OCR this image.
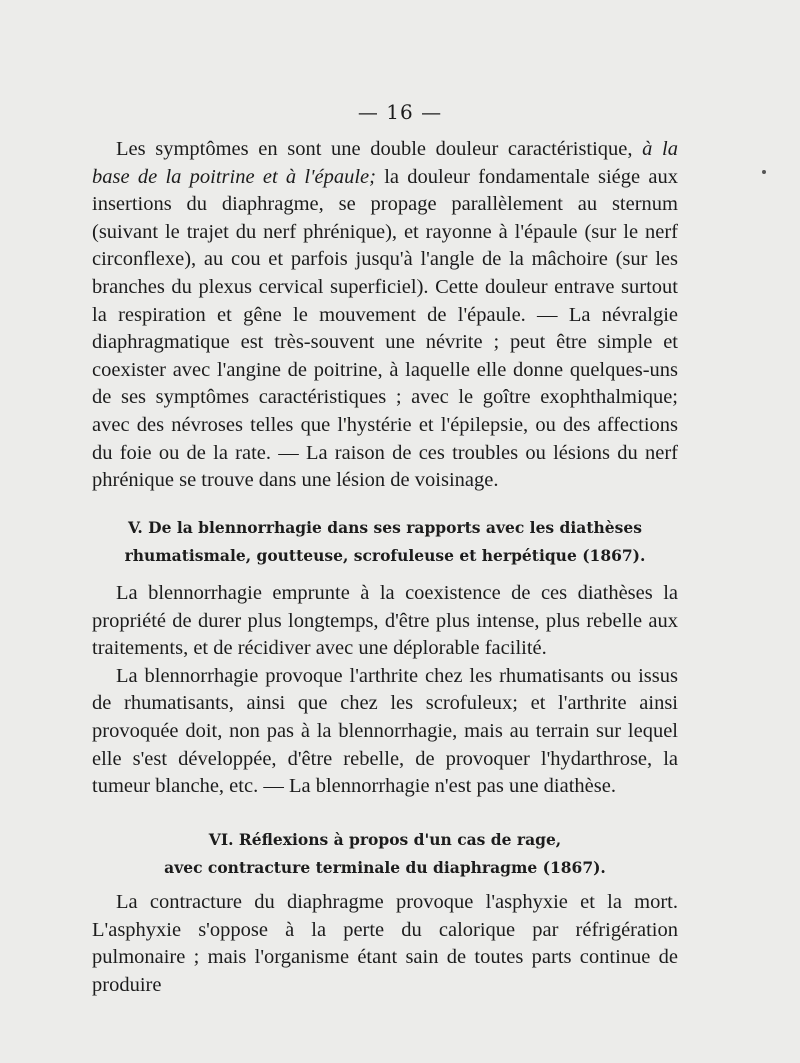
— 16 —

Les symptômes en sont une double douleur caractéristique, à la base de la poitrine et à l'épaule; la douleur fondamentale siége aux insertions du diaphragme, se propage parallèlement au sternum (suivant le trajet du nerf phrénique), et rayonne à l'épaule (sur le nerf circonflexe), au cou et parfois jusqu'à l'angle de la mâchoire (sur les branches du plexus cervical superficiel). Cette douleur entrave surtout la respiration et gêne le mouvement de l'épaule. — La névralgie diaphragmatique est très-souvent une névrite ; peut être simple et coexister avec l'angine de poitrine, à laquelle elle donne quelques-uns de ses symptômes caractéristiques ; avec le goître exophthalmique; avec des névroses telles que l'hystérie et l'épilepsie, ou des affections du foie ou de la rate. — La raison de ces troubles ou lésions du nerf phrénique se trouve dans une lésion de voisinage.

V. De la blennorrhagie dans ses rapports avec les diathèses
rhumatismale, goutteuse, scrofuleuse et herpétique (1867).

La blennorrhagie emprunte à la coexistence de ces diathèses la propriété de durer plus longtemps, d'être plus intense, plus rebelle aux traitements, et de récidiver avec une déplorable facilité.

La blennorrhagie provoque l'arthrite chez les rhumatisants ou issus de rhumatisants, ainsi que chez les scrofuleux; et l'arthrite ainsi provoquée doit, non pas à la blennorrhagie, mais au terrain sur lequel elle s'est développée, d'être rebelle, de provoquer l'hydarthrose, la tumeur blanche, etc. — La blennorrhagie n'est pas une diathèse.

VI. Réflexions à propos d'un cas de rage,
avec contracture terminale du diaphragme (1867).

La contracture du diaphragme provoque l'asphyxie et la mort. L'asphyxie s'oppose à la perte du calorique par réfrigération pulmonaire ; mais l'organisme étant sain de toutes parts continue de produire
